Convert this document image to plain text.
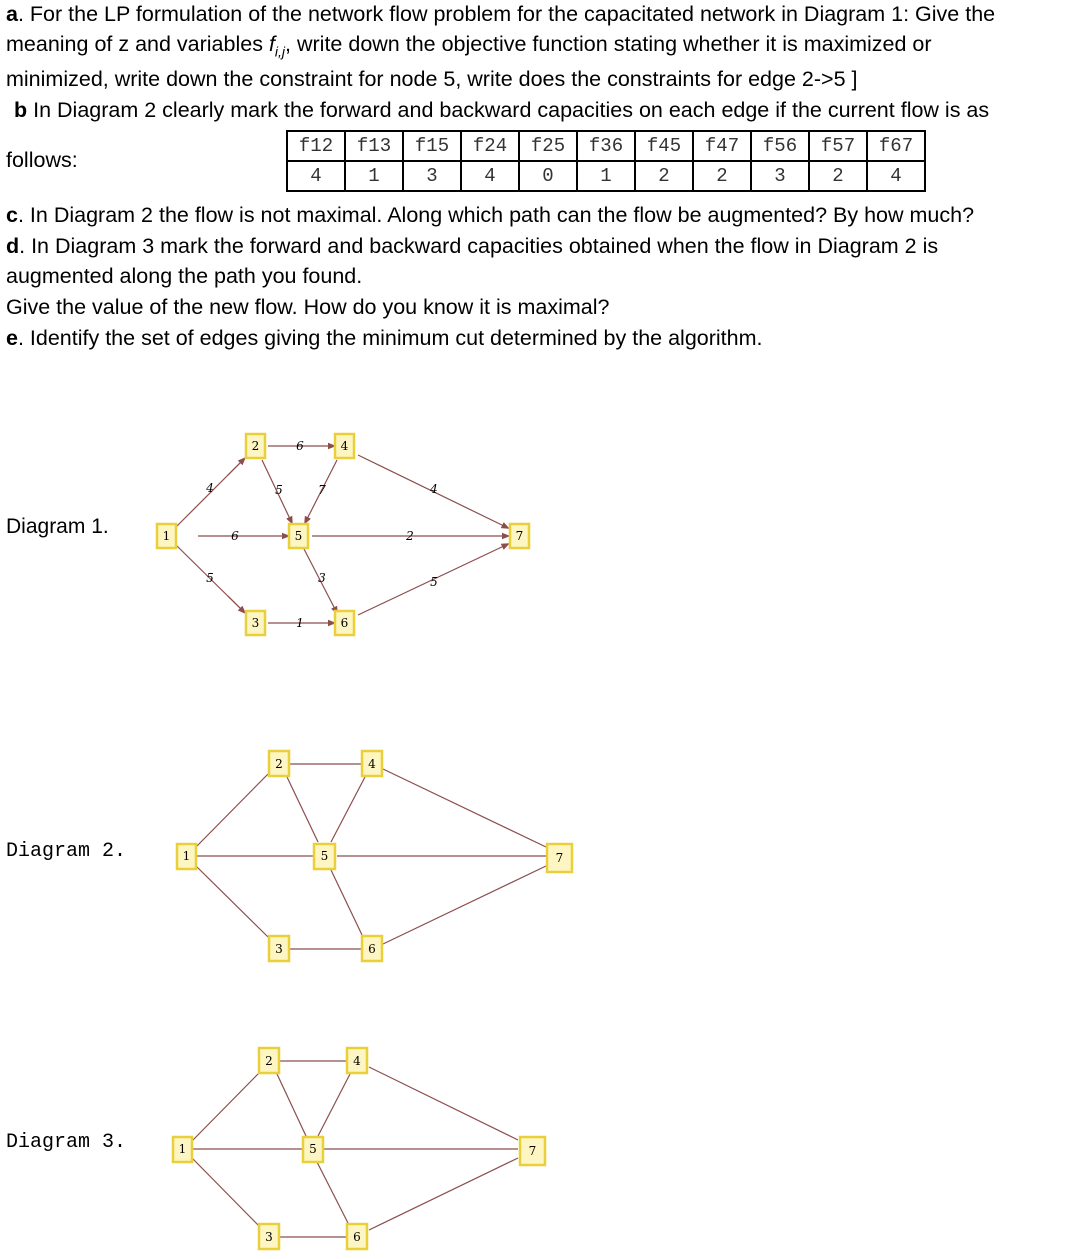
a. For the LP formulation of the network flow problem for the capacitated network in Diagram 1: Give the
meaning of z and variables $f_{i,j}$, write down the objective function stating whether it is maximized or
minimized, write down the constraint for node 5, write does the constraints for edge 2->5 ]
b In Diagram 2 clearly mark the forward and backward capacities on each edge if the current flow is as
follows:
f12	f13	f15	f24	f25	f36	f45	f47	f56	f57	f67
4	1	3	4	0	1	2	2	3	2	4
c. In Diagram 2 the flow is not maximal. Along which path can the flow be augmented? By how much?
d. In Diagram 3 mark the forward and backward capacities obtained when the flow in Diagram 2 is
augmented along the path you found.
Give the value of the new flow. How do you know it is maximal?
e. Identify the set of edges giving the minimum cut determined by the algorithm.
Diagram 1.
Diagram 2.
Diagram 3.
4
5
6
6
5	7	4
2
3
1
5
1
2
3
4
5
6
7
1
2
3
4
5
6
7
1
2
3
4
5
6
7
